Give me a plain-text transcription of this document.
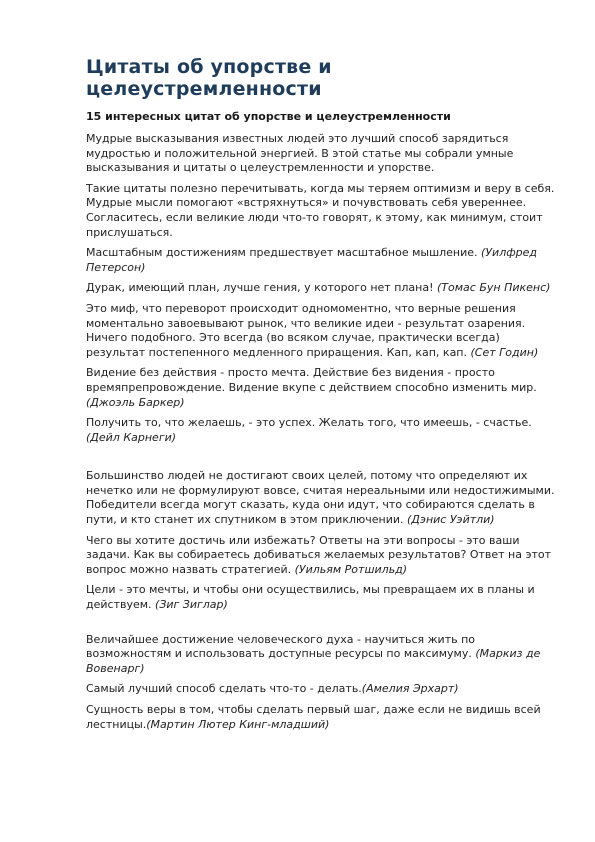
Цитаты об упорстве и целеустремленности
15 интересных цитат об упорстве и целеустремленности

Мудрые высказывания известных людей это лучший способ зарядиться мудростью и положительной энергией. В этой статье мы собрали умные высказывания и цитаты о целеустремленности и упорстве.

Такие цитаты полезно перечитывать, когда мы теряем оптимизм и веру в себя. Мудрые мысли помогают «встряхнуться» и почувствовать себя увереннее. Согласитесь, если великие люди что-то говорят, к этому, как минимум, стоит прислушаться.

Масштабным достижениям предшествует масштабное мышление. (Уилфред Петерсон)

Дурак, имеющий план, лучше гения, у которого нет плана! (Томас Бун Пикенс)

Это миф, что переворот происходит одномоментно, что верные решения моментально завоевывают рынок, что великие идеи - результат озарения. Ничего подобного. Это всегда (во всяком случае, практически всегда) результат постепенного медленного приращения. Кап, кап, кап. (Сет Годин)

Видение без действия - просто мечта. Действие без видения - просто времяпрепровождение. Видение вкупе с действием способно изменить мир. (Джоэль Баркер)

Получить то, что желаешь, - это успех. Желать того, что имеешь, - счастье. (Дейл Карнеги)

Большинство людей не достигают своих целей, потому что определяют их нечетко или не формулируют вовсе, считая нереальными или недостижимыми. Победители всегда могут сказать, куда они идут, что собираются сделать в пути, и кто станет их спутником в этом приключении. (Дэнис Уэйтли)

Чего вы хотите достичь или избежать? Ответы на эти вопросы - это ваши задачи. Как вы собираетесь добиваться желаемых результатов? Ответ на этот вопрос можно назвать стратегией. (Уильям Ротшильд)

Цели - это мечты, и чтобы они осуществились, мы превращаем их в планы и действуем. (Зиг Зиглар)

Величайшее достижение человеческого духа - научиться жить по возможностям и использовать доступные ресурсы по максимуму. (Маркиз де Вовенарг)

Самый лучший способ сделать что-то - делать.(Амелия Эрхарт)

Сущность веры в том, чтобы сделать первый шаг, даже если не видишь всей лестницы.(Мартин Лютер Кинг-млaдший)
